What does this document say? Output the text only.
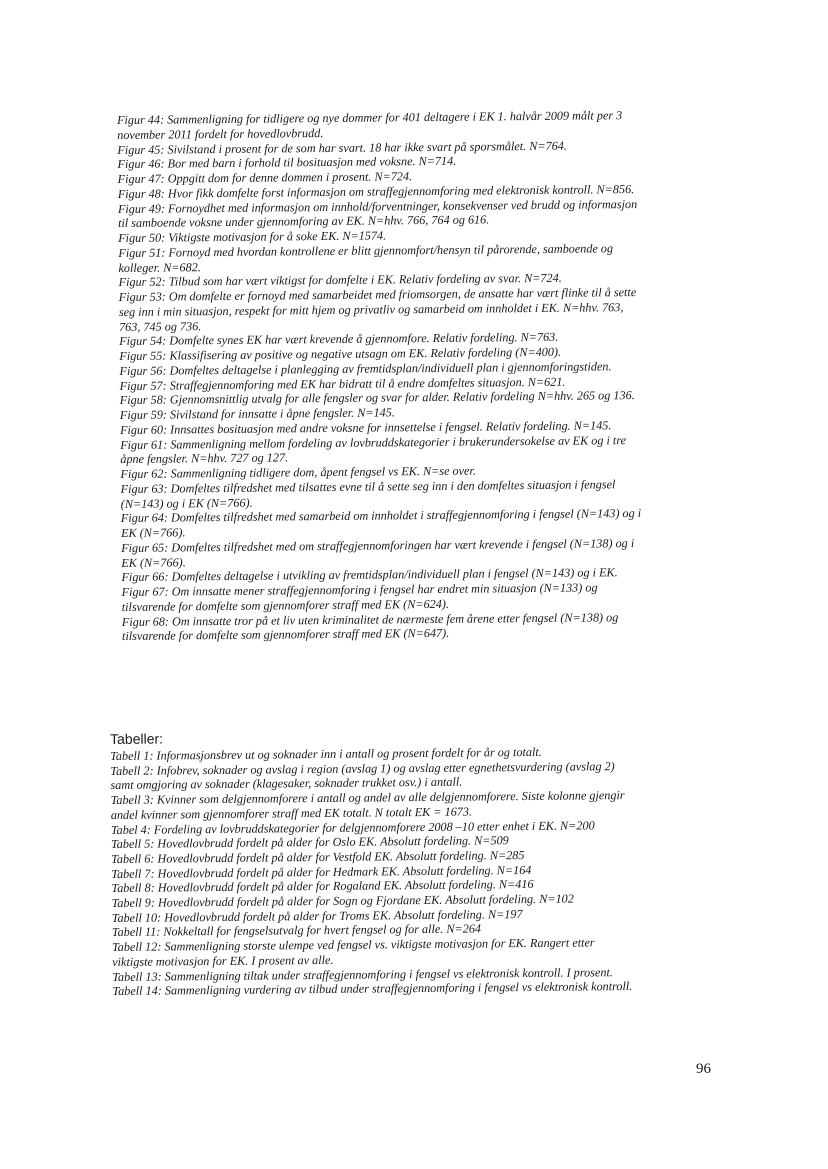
Figur 44: Sammenligning for tidligere og nye dommer for 401 deltagere i EK 1. halvår 2009 målt per 3

november 2011 fordelt for hovedlovbrudd.

Figur 45: Sivilstand i prosent for de som har svart. 18 har ikke svart på sporsmålet. N=764.

Figur 46: Bor med barn i forhold til bosituasjon med voksne. N=714.

Figur 47: Oppgitt dom for denne dommen i prosent. N=724.

Figur 48: Hvor fikk domfelte forst informasjon om straffegjennomforing med elektronisk kontroll. N=856.

Figur 49: Fornoydhet med informasjon om innhold/forventninger, konsekvenser ved brudd og informasjon

til samboende voksne under gjennomforing av EK. N=hhv. 766, 764 og 616.

Figur 50: Viktigste motivasjon for å soke EK. N=1574.

Figur 51: Fornoyd med hvordan kontrollene er blitt gjennomfort/hensyn til pårorende, samboende og

kolleger. N=682.

Figur 52: Tilbud som har vært viktigst for domfelte i EK. Relativ fordeling av svar. N=724.

Figur 53: Om domfelte er fornoyd med samarbeidet med friomsorgen, de ansatte har vært flinke til å sette

seg inn i min situasjon, respekt for mitt hjem og privatliv og samarbeid om innholdet i EK. N=hhv. 763,

763, 745 og 736.

Figur 54: Domfelte synes EK har vært krevende å gjennomfore. Relativ fordeling. N=763.

Figur 55: Klassifisering av positive og negative utsagn om EK. Relativ fordeling (N=400).

Figur 56: Domfeltes deltagelse i planlegging av fremtidsplan/individuell plan i gjennomforingstiden.

Figur 57: Straffegjennomforing med EK har bidratt til å endre domfeltes situasjon. N=621.

Figur 58: Gjennomsnittlig utvalg for alle fengsler og svar for alder. Relativ fordeling N=hhv. 265 og 136.

Figur 59: Sivilstand for innsatte i åpne fengsler. N=145.

Figur 60: Innsattes bosituasjon med andre voksne for innsettelse i fengsel. Relativ fordeling. N=145.

Figur 61: Sammenligning mellom fordeling av lovbruddskategorier i brukerundersokelse av EK og i tre

åpne fengsler. N=hhv. 727 og 127.

Figur 62: Sammenligning tidligere dom, åpent fengsel vs EK. N=se over.

Figur 63: Domfeltes tilfredshet med tilsattes evne til å sette seg inn i den domfeltes situasjon i fengsel

(N=143) og i EK (N=766).

Figur 64: Domfeltes tilfredshet med samarbeid om innholdet i straffegjennomforing i fengsel (N=143) og i

EK (N=766).

Figur 65: Domfeltes tilfredshet med om straffegjennomforingen har vært krevende i fengsel (N=138) og i

EK (N=766).

Figur 66: Domfeltes deltagelse i utvikling av fremtidsplan/individuell plan i fengsel (N=143) og i EK.

Figur 67: Om innsatte mener straffegjennomforing i fengsel har endret min situasjon (N=133) og

tilsvarende for domfelte som gjennomforer straff med EK (N=624).

Figur 68: Om innsatte tror på et liv uten kriminalitet de nærmeste fem årene etter fengsel (N=138) og

tilsvarende for domfelte som gjennomforer straff med EK (N=647).

Tabeller:

Tabell 1: Informasjonsbrev ut og soknader inn i antall og prosent fordelt for år og totalt.

Tabell 2: Infobrev, soknader og avslag i region (avslag 1) og avslag etter egnethetsvurdering (avslag 2)

samt omgjoring av soknader (klagesaker, soknader trukket osv.) i antall.

Tabell 3: Kvinner som delgjennomforere i antall og andel av alle delgjennomforere. Siste kolonne gjengir

andel kvinner som gjennomforer straff med EK totalt. N totalt EK = 1673.

Tabel 4: Fordeling av lovbruddskategorier for delgjennomforere 2008 –10 etter enhet i EK. N=200

Tabell 5: Hovedlovbrudd fordelt på alder for Oslo EK. Absolutt fordeling. N=509

Tabell 6: Hovedlovbrudd fordelt på alder for Vestfold EK. Absolutt fordeling. N=285

Tabell 7: Hovedlovbrudd fordelt på alder for Hedmark EK. Absolutt fordeling. N=164

Tabell 8: Hovedlovbrudd fordelt på alder for Rogaland EK. Absolutt fordeling. N=416

Tabell 9: Hovedlovbrudd fordelt på alder for Sogn og Fjordane EK. Absolutt fordeling. N=102

Tabell 10: Hovedlovbrudd fordelt på alder for Troms EK. Absolutt fordeling. N=197

Tabell 11: Nokkeltall for fengselsutvalg for hvert fengsel og for alle. N=264

Tabell 12: Sammenligning storste ulempe ved fengsel vs. viktigste motivasjon for EK. Rangert etter

viktigste motivasjon for EK. I prosent av alle.

Tabell 13: Sammenligning tiltak under straffegjennomforing i fengsel vs elektronisk kontroll. I prosent.

Tabell 14: Sammenligning vurdering av tilbud under straffegjennomforing i fengsel vs elektronisk kontroll.

96
